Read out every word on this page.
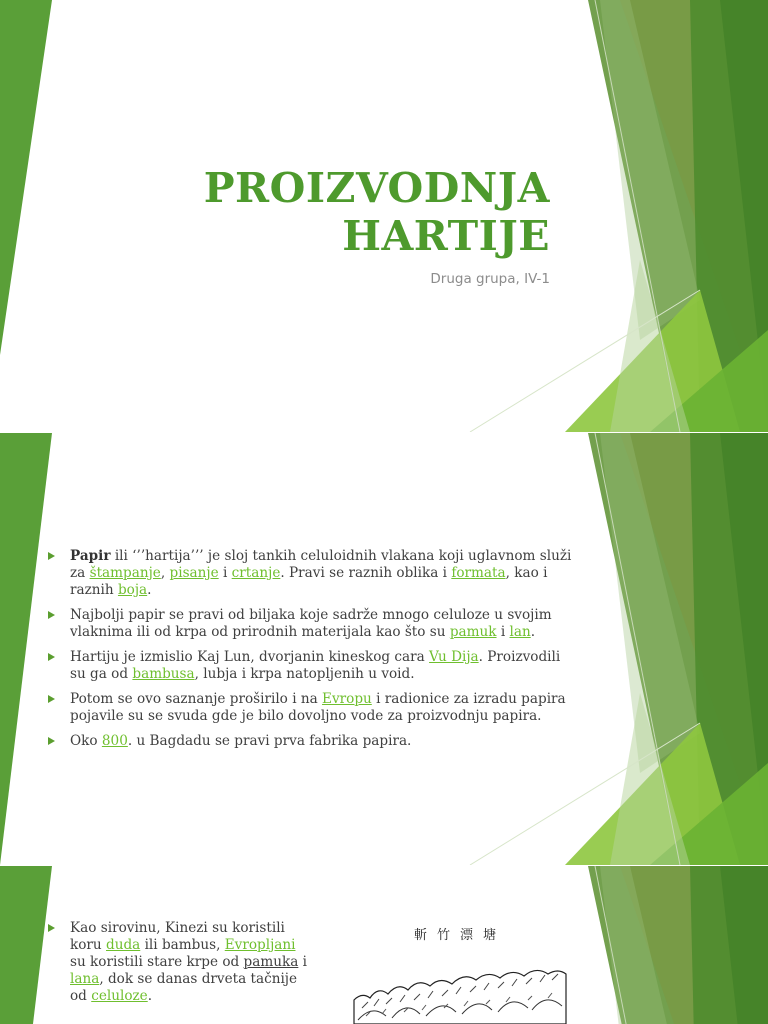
PROIZVODNJA
HARTIJE
Druga grupa, IV-1
Papir ili ‘’’hartija’’’ je sloj tankih celuloidnih vlakana koji uglavnom služi za štampanje, pisanje i crtanje. Pravi se raznih oblika i formata, kao i raznih boja.
Najbolji papir se pravi od biljaka koje sadrže mnogo celuloze u svojim vlaknima ili od krpa od prirodnih materijala kao što su pamuk i lan.
Hartiju je izmislio Kaj Lun, dvorjanin kineskog cara Vu Dija. Proizvodili su ga od bambusa, lubja i krpa natopljenih u void.
Potom se ovo saznanje proširilo i na Evropu i radionice za izradu papira pojavile su se svuda gde je bilo dovoljno vode za proizvodnju papira.
Oko 800. u Bagdadu se pravi prva fabrika papira.
Kao sirovinu, Kinezi su koristili koru duda ili bambus, Evropljani su koristili stare krpe od pamuka i lana, dok se danas drveta tačnije od celuloze.
斬竹漂塘
